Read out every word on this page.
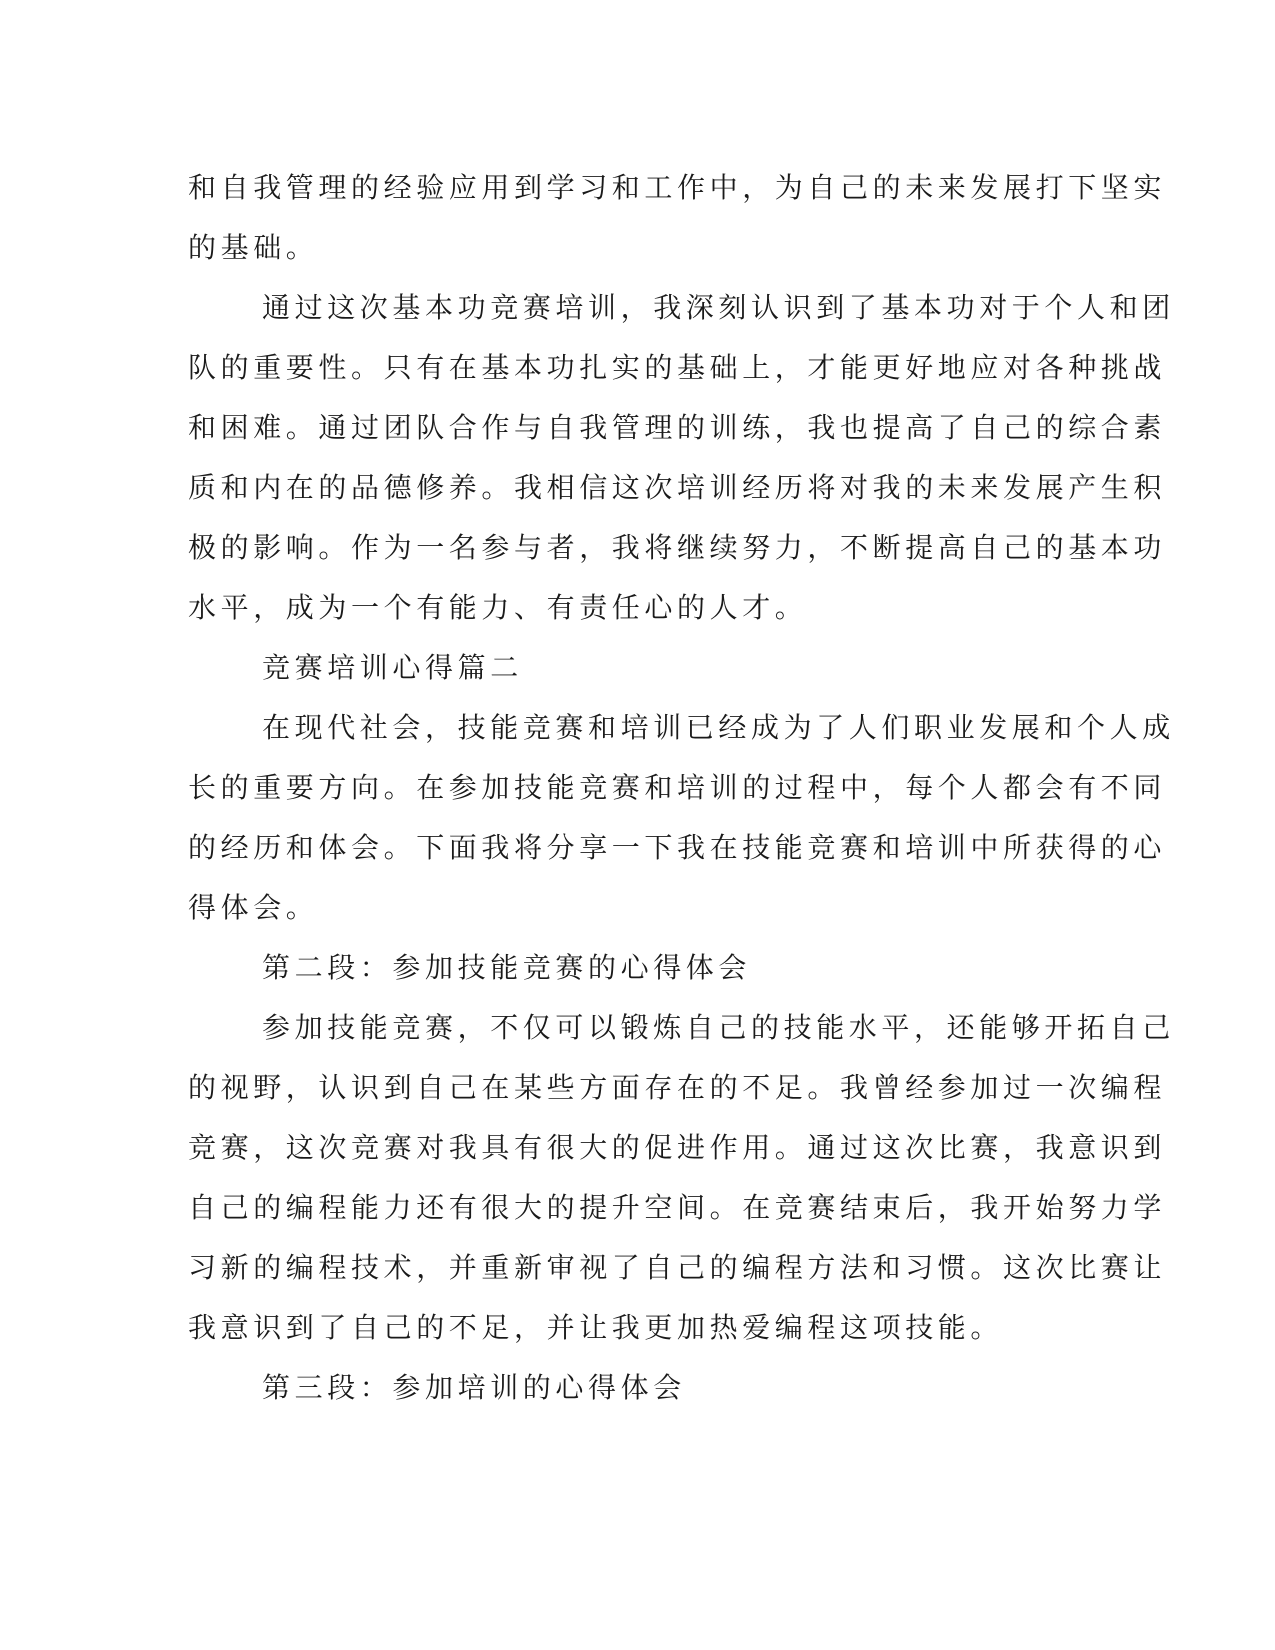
和自我管理的经验应用到学习和工作中，为自己的未来发展打下坚实
的基础。

通过这次基本功竞赛培训，我深刻认识到了基本功对于个人和团
队的重要性。只有在基本功扎实的基础上，才能更好地应对各种挑战
和困难。通过团队合作与自我管理的训练，我也提高了自己的综合素
质和内在的品德修养。我相信这次培训经历将对我的未来发展产生积
极的影响。作为一名参与者，我将继续努力，不断提高自己的基本功
水平，成为一个有能力、有责任心的人才。

竞赛培训心得篇二

在现代社会，技能竞赛和培训已经成为了人们职业发展和个人成
长的重要方向。在参加技能竞赛和培训的过程中，每个人都会有不同
的经历和体会。下面我将分享一下我在技能竞赛和培训中所获得的心
得体会。

第二段：参加技能竞赛的心得体会

参加技能竞赛，不仅可以锻炼自己的技能水平，还能够开拓自己
的视野，认识到自己在某些方面存在的不足。我曾经参加过一次编程
竞赛，这次竞赛对我具有很大的促进作用。通过这次比赛，我意识到
自己的编程能力还有很大的提升空间。在竞赛结束后，我开始努力学
习新的编程技术，并重新审视了自己的编程方法和习惯。这次比赛让
我意识到了自己的不足，并让我更加热爱编程这项技能。

第三段：参加培训的心得体会
